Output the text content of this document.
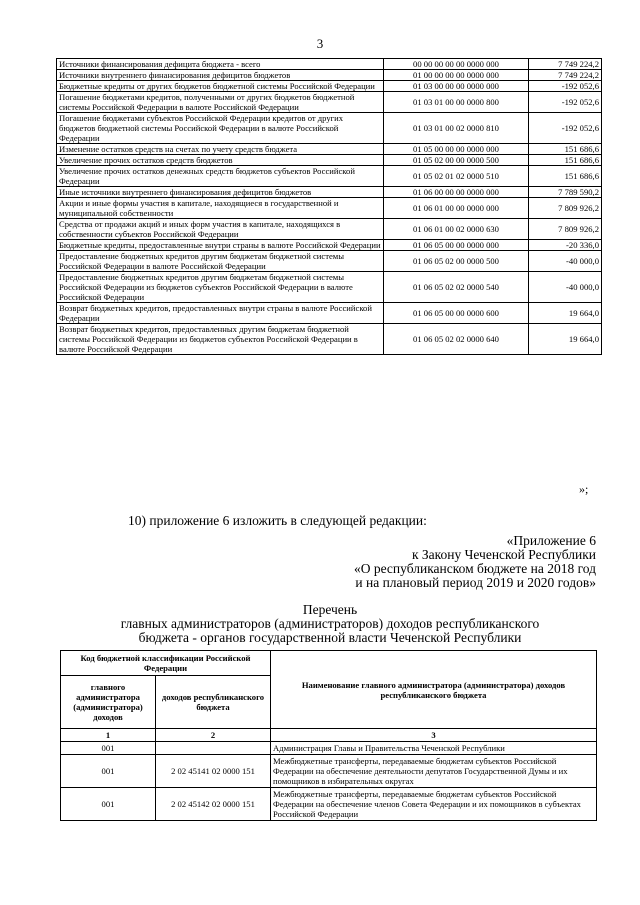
3
Источники финансирования дефицита бюджета - всего	00 00 00 00 00 0000 000	7 749 224,2
Источники внутреннего финансирования дефицитов бюджетов	01 00 00 00 00 0000 000	7 749 224,2
Бюджетные кредиты от других бюджетов бюджетной системы Российской Федерации	01 03 00 00 00 0000 000	-192 052,6
Погашение бюджетами кредитов, полученными от других бюджетов бюджетной системы Российской Федерации в валюте Российской Федерации	01 03 01 00 00 0000 800	-192 052,6
Погашение бюджетами субъектов Российской Федерации кредитов от других бюджетов бюджетной системы Российской Федерации в валюте Российской Федерации	01 03 01 00 02 0000 810	-192 052,6
Изменение остатков средств на счетах по учету средств бюджета	01 05 00 00 00 0000 000	151 686,6
Увеличение прочих остатков средств бюджетов	01 05 02 00 00 0000 500	151 686,6
Увеличение прочих остатков денежных средств бюджетов субъектов Российской Федерации	01 05 02 01 02 0000 510	151 686,6
Иные источники внутреннего финансирования дефицитов бюджетов	01 06 00 00 00 0000 000	7 789 590,2
Акции и иные формы участия в капитале, находящиеся в государственной и муниципальной собственности	01 06 01 00 00 0000 000	7 809 926,2
Средства от продажи акций и иных форм участия в капитале, находящихся в собственности субъектов Российской Федерации	01 06 01 00 02 0000 630	7 809 926,2
Бюджетные кредиты, предоставленные внутри страны в валюте Российской Федерации	01 06 05 00 00 0000 000	-20 336,0
Предоставление бюджетных кредитов другим бюджетам бюджетной системы Российской Федерации в валюте Российской Федерации	01 06 05 02 00 0000 500	-40 000,0
Предоставление бюджетных кредитов другим бюджетам бюджетной системы Российской Федерации из бюджетов субъектов Российской Федерации в валюте Российской Федерации	01 06 05 02 02 0000 540	-40 000,0
Возврат бюджетных кредитов, предоставленных внутри страны в валюте Российской Федерации	01 06 05 00 00 0000 600	19 664,0
Возврат бюджетных кредитов, предоставленных другим бюджетам бюджетной системы Российской Федерации из бюджетов субъектов Российской Федерации в валюте Российской Федерации	01 06 05 02 02 0000 640	19 664,0
»;
10) приложение 6 изложить в следующей редакции:
«Приложение 6
к Закону Чеченской Республики
«О республиканском бюджете на 2018 год
и на плановый период 2019 и 2020 годов»
Перечень
главных администраторов (администраторов) доходов республиканского
бюджета - органов государственной власти Чеченской Республики
Код бюджетной классификации Российской Федерации		Наименование главного администратора (администратора) доходов республиканского бюджета
главного администратора (администратора) доходов	доходов республиканского бюджета	
1	2	3
001		Администрация Главы и Правительства Чеченской Республики
001	2 02 45141 02 0000 151	Межбюджетные трансферты, передаваемые бюджетам субъектов Российской Федерации на обеспечение деятельности депутатов Государственной Думы и их помощников в избирательных округах
001	2 02 45142 02 0000 151	Межбюджетные трансферты, передаваемые бюджетам субъектов Российской Федерации на обеспечение членов Совета Федерации и их помощников в субъектах Российской Федерации
